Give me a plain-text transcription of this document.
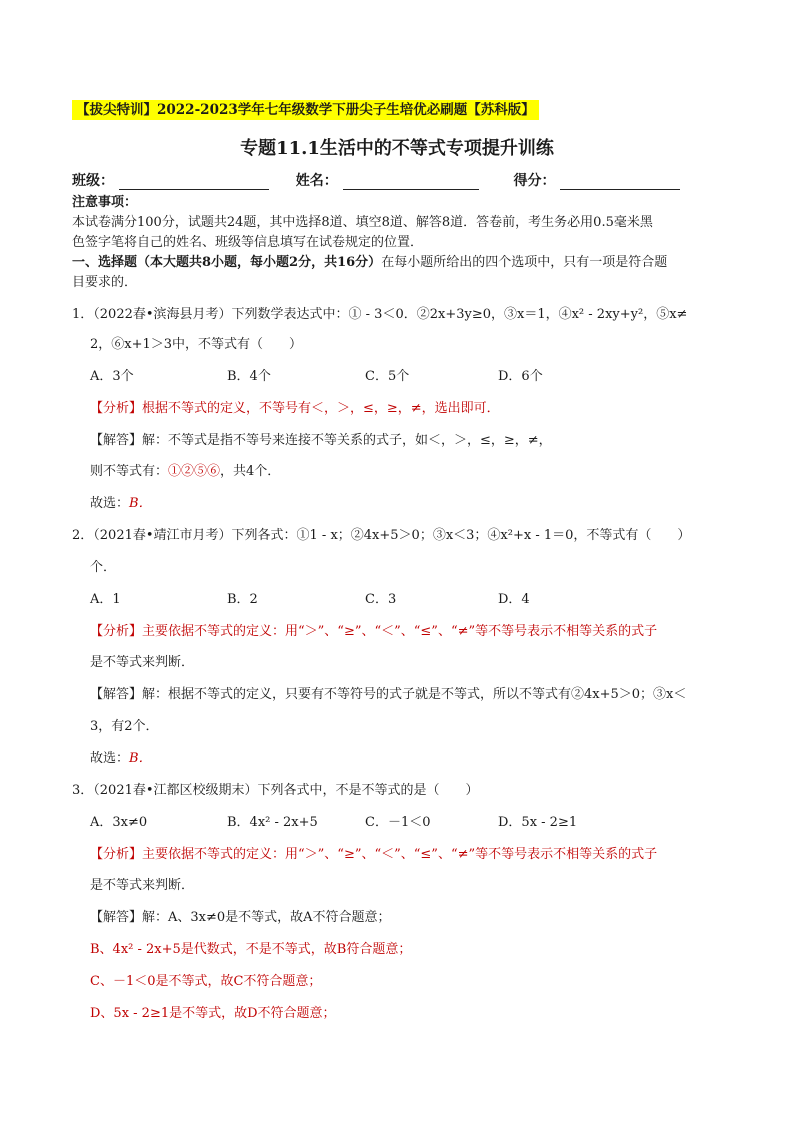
【拔尖特训】2022-2023学年七年级数学下册尖子生培优必刷题【苏科版】
专题11.1生活中的不等式专项提升训练
班级：	姓名：	得分：
注意事项：
本试卷满分100分，试题共24题，其中选择8道、填空8道、解答8道．答卷前，考生务必用0.5毫米黑
色签字笔将自己的姓名、班级等信息填写在试卷规定的位置．
一、选择题（本大题共8小题，每小题2分，共16分）在每小题所给出的四个选项中，只有一项是符合题
目要求的．
1．（2022春•滨海县月考）下列数学表达式中：① - 3＜0．②2x+3y≥0，③x＝1，④x² - 2xy+y²，⑤x≠
2，⑥x+1＞3中，不等式有（　　）
A．3个	B．4个	C．5个	D．6个
【分析】根据不等式的定义，不等号有＜，＞，≤，≥，≠，选出即可．
【解答】解：不等式是指不等号来连接不等关系的式子，如＜，＞，≤，≥，≠，
则不等式有：①②⑤⑥，共4个．
故选：B．
2．（2021春•靖江市月考）下列各式：①1 - x；②4x+5＞0；③x＜3；④x²+x - 1＝0，不等式有（　　）
个．
A．1	B．2	C．3	D．4
【分析】主要依据不等式的定义：用“＞”、“≥”、“＜”、“≤”、“≠”等不等号表示不相等关系的式子
是不等式来判断．
【解答】解：根据不等式的定义，只要有不等符号的式子就是不等式，所以不等式有②4x+5＞0；③x＜
3，有2个．
故选：B．
3．（2021春•江都区校级期末）下列各式中，不是不等式的是（　　）
A．3x≠0	B．4x² - 2x+5	C．－1＜0	D．5x - 2≥1
【分析】主要依据不等式的定义：用“＞”、“≥”、“＜”、“≤”、“≠”等不等号表示不相等关系的式子
是不等式来判断．
【解答】解：A、3x≠0是不等式，故A不符合题意；
B、4x² - 2x+5是代数式，不是不等式，故B符合题意；
C、－1＜0是不等式，故C不符合题意；
D、5x - 2≥1是不等式，故D不符合题意；
